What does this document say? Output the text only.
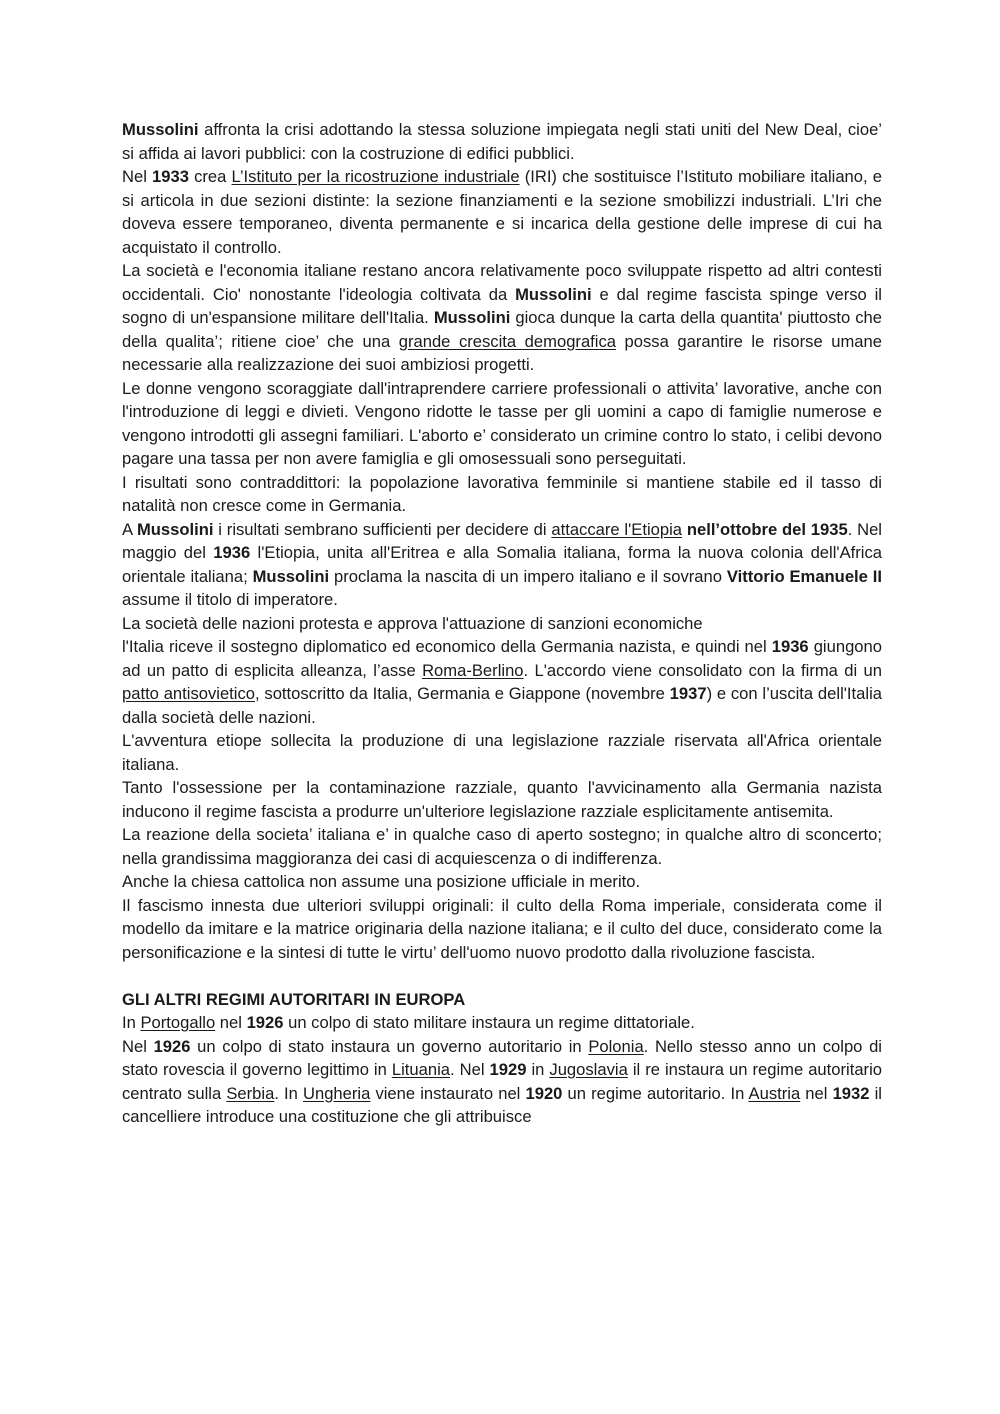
Mussolini affronta la crisi adottando la stessa soluzione impiegata negli stati uniti del New Deal, cioe’ si affida ai lavori pubblici: con la costruzione di edifici pubblici.

Nel 1933 crea L’Istituto per la ricostruzione industriale (IRI) che sostituisce l’Istituto mobiliare italiano, e si articola in due sezioni distinte: la sezione finanziamenti e la sezione smobilizzi industriali. L’Iri che doveva essere temporaneo, diventa permanente e si incarica della gestione delle imprese di cui ha acquistato il controllo.

La società e l'economia italiane restano ancora relativamente poco sviluppate rispetto ad altri contesti occidentali. Cio' nonostante l'ideologia coltivata da Mussolini e dal regime fascista spinge verso il sogno di un'espansione militare dell'Italia. Mussolini gioca dunque la carta della quantita' piuttosto che della qualita’; ritiene cioe’ che una grande crescita demografica possa garantire le risorse umane necessarie alla realizzazione dei suoi ambiziosi progetti.

Le donne vengono scoraggiate dall'intraprendere carriere professionali o attivita’ lavorative, anche con l'introduzione di leggi e divieti. Vengono ridotte le tasse per gli uomini a capo di famiglie numerose e vengono introdotti gli assegni familiari. L'aborto e’ considerato un crimine contro lo stato, i celibi devono pagare una tassa per non avere famiglia e gli omosessuali sono perseguitati.

I risultati sono contraddittori: la popolazione lavorativa femminile si mantiene stabile ed il tasso di natalità non cresce come in Germania.

A Mussolini i risultati sembrano sufficienti per decidere di attaccare l'Etiopia nell’ottobre del 1935. Nel maggio del 1936 l'Etiopia, unita all'Eritrea e alla Somalia italiana, forma la nuova colonia dell'Africa orientale italiana; Mussolini proclama la nascita di un impero italiano e il sovrano Vittorio Emanuele II assume il titolo di imperatore.

La società delle nazioni protesta e approva l'attuazione di sanzioni economiche

l'Italia riceve il sostegno diplomatico ed economico della Germania nazista, e quindi nel 1936 giungono ad un patto di esplicita alleanza, l’asse Roma-Berlino. L'accordo viene consolidato con la firma di un patto antisovietico, sottoscritto da Italia, Germania e Giappone (novembre 1937) e con l’uscita dell'Italia dalla società delle nazioni.

L'avventura etiope sollecita la produzione di una legislazione razziale riservata all'Africa orientale italiana.

Tanto l'ossessione per la contaminazione razziale, quanto l'avvicinamento alla Germania nazista inducono il regime fascista a produrre un'ulteriore legislazione razziale esplicitamente antisemita.

La reazione della societa’ italiana e’ in qualche caso di aperto sostegno; in qualche altro di sconcerto; nella grandissima maggioranza dei casi di acquiescenza o di indifferenza.

Anche la chiesa cattolica non assume una posizione ufficiale in merito.

Il fascismo innesta due ulteriori sviluppi originali: il culto della Roma imperiale, considerata come il modello da imitare e la matrice originaria della nazione italiana; e il culto del duce, considerato come la personificazione e la sintesi di tutte le virtu’ dell'uomo nuovo prodotto dalla rivoluzione fascista.

GLI ALTRI REGIMI AUTORITARI IN EUROPA

In Portogallo nel 1926 un colpo di stato militare instaura un regime dittatoriale.

Nel 1926 un colpo di stato instaura un governo autoritario in Polonia. Nello stesso anno un colpo di stato rovescia il governo legittimo in Lituania. Nel 1929 in Jugoslavia il re instaura un regime autoritario centrato sulla Serbia. In Ungheria viene instaurato nel 1920 un regime autoritario. In Austria nel 1932 il cancelliere introduce una costituzione che gli attribuisce
